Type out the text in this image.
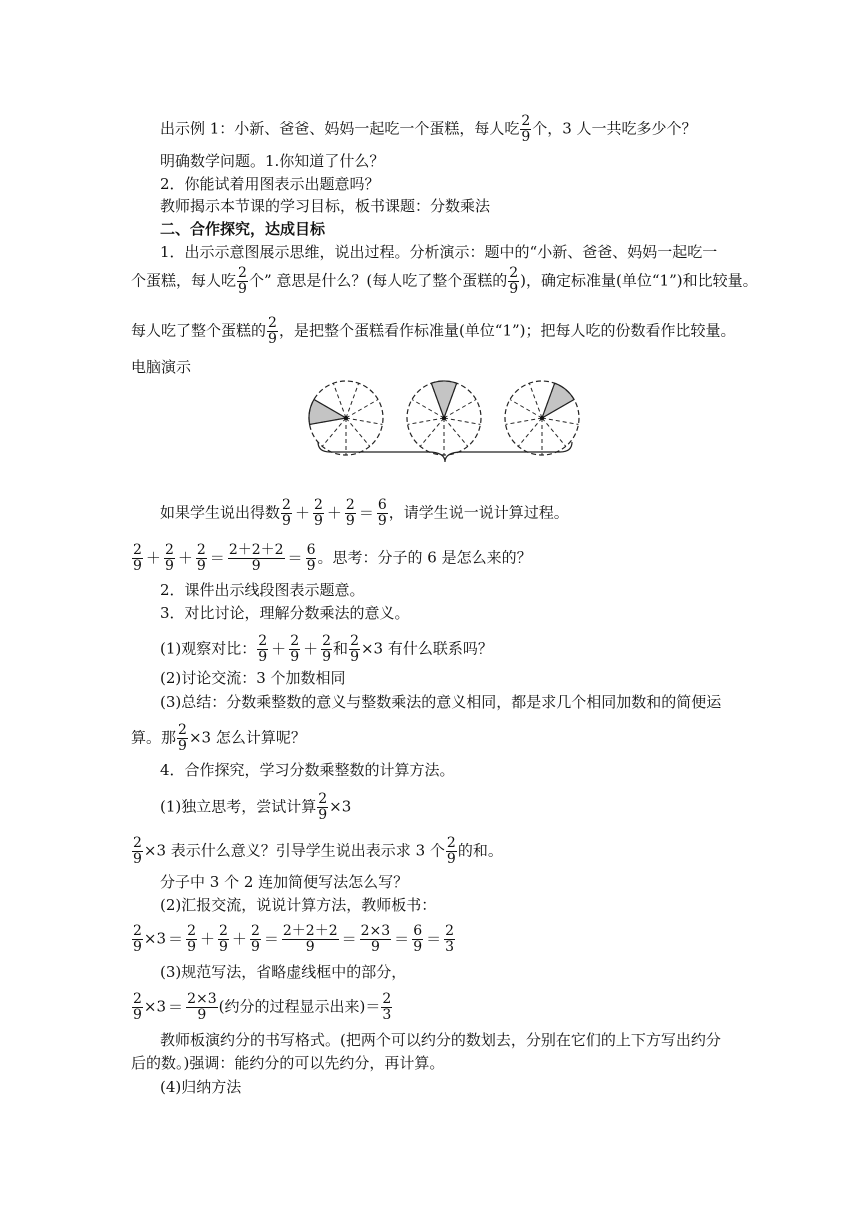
出示例 1：小新、爸爸、妈妈一起吃一个蛋糕，每人吃 $\frac{2}{9}$ 个，3 人一共吃多少个？
明确数学问题。1.你知道了什么？
2．你能试着用图表示出题意吗？
教师揭示本节课的学习目标，板书课题：分数乘法
二、合作探究，达成目标
1．出示示意图展示思维，说出过程。分析演示：题中的“小新、爸爸、妈妈一起吃一
个蛋糕，每人吃 $\frac{2}{9}$ 个” 意思是什么？(每人吃了整个蛋糕的 $\frac{2}{9}$ )，确定标准量(单位“1”)和比较量。
每人吃了整个蛋糕的 $\frac{2}{9}$ ，是把整个蛋糕看作标准量(单位“1”)；把每人吃的份数看作比较量。
电脑演示
如果学生说出得数 $\frac{2}{9} + \frac{2}{9} + \frac{2}{9} = \frac{6}{9}$ ，请学生说一说计算过程。
$\frac{2}{9} + \frac{2}{9} + \frac{2}{9} = \frac{2+2+2}{9} = \frac{6}{9}$ 。思考：分子的 6 是怎么来的？
2．课件出示线段图表示题意。
3．对比讨论，理解分数乘法的意义。
(1)观察对比： $\frac{2}{9} + \frac{2}{9} + \frac{2}{9}$ 和 $\frac{2}{9} \times 3$ 有什么联系吗？
(2)讨论交流：3 个加数相同
(3)总结：分数乘整数的意义与整数乘法的意义相同，都是求几个相同加数和的简便运
算。那 $\frac{2}{9} \times 3$ 怎么计算呢？
4．合作探究，学习分数乘整数的计算方法。
(1)独立思考，尝试计算 $\frac{2}{9} \times 3$
$\frac{2}{9} \times 3$ 表示什么意义？引导学生说出表示求 3 个 $\frac{2}{9}$ 的和。
分子中 3 个 2 连加简便写法怎么写？
(2)汇报交流，说说计算方法，教师板书：
$\frac{2}{9} \times 3 = \frac{2}{9} + \frac{2}{9} + \frac{2}{9} = \frac{2+2+2}{9} = \frac{2\times 3}{9} = \frac{6}{9} = \frac{2}{3}$
(3)规范写法，省略虚线框中的部分，
$\frac{2}{9} \times 3 = \frac{2\times 3}{9}$ (约分的过程显示出来)＝ $\frac{2}{3}$
教师板演约分的书写格式。(把两个可以约分的数划去，分别在它们的上下方写出约分
后的数。)强调：能约分的可以先约分，再计算。
(4)归纳方法
